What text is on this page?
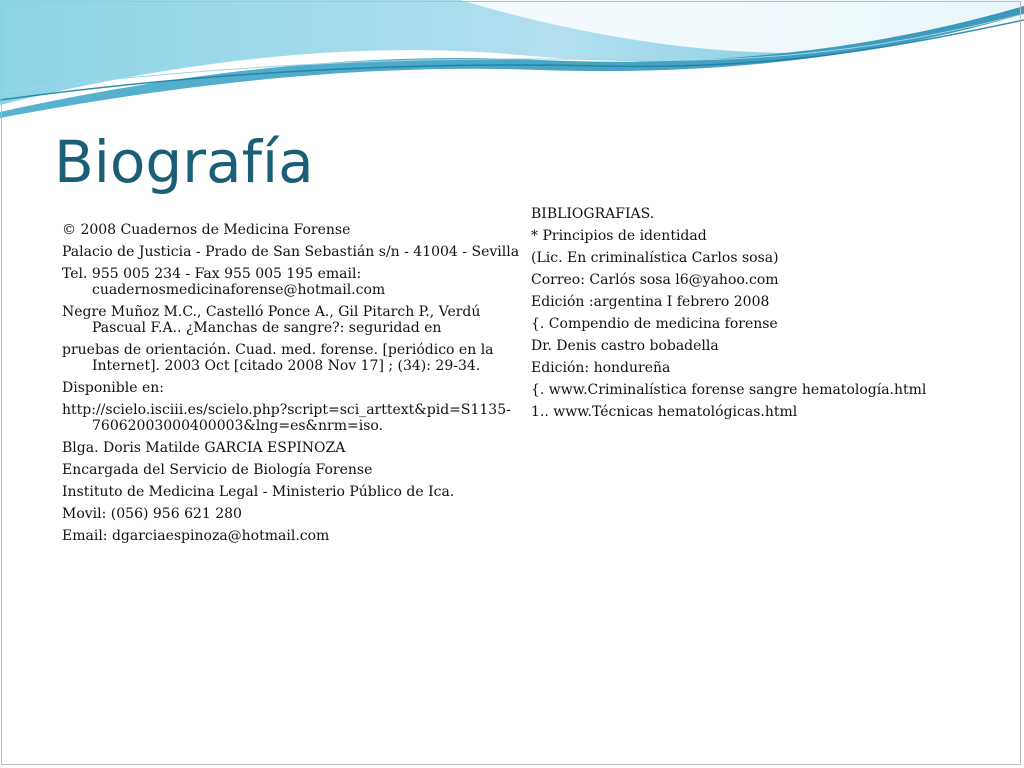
Biografía

© 2008 Cuadernos de Medicina Forense

Palacio de Justicia - Prado de San Sebastián s/n - 41004 - Sevilla

Tel. 955 005 234 - Fax 955 005 195 email: cuadernosmedicinaforense@hotmail.com

Negre Muñoz M.C., Castelló Ponce A., Gil Pitarch P., Verdú Pascual F.A.. ¿Manchas de sangre?: seguridad en

pruebas de orientación. Cuad. med. forense. [periódico en la Internet]. 2003 Oct [citado 2008 Nov 17] ; (34): 29-34.

Disponible en:

http://scielo.isciii.es/scielo.php?script=sci_arttext&pid=S1135-76062003000400003&lng=es&nrm=iso.

Blga. Doris Matilde GARCIA ESPINOZA

Encargada del Servicio de Biología Forense

Instituto de Medicina Legal - Ministerio Público de Ica.

Movil: (056) 956 621 280

Email: dgarciaespinoza@hotmail.com

BIBLIOGRAFIAS.

* Principios de identidad

(Lic. En criminalística Carlos sosa)

Correo: Carlós sosa l6@yahoo.com

Edición :argentina I febrero 2008

{. Compendio de medicina forense

Dr. Denis castro bobadella

Edición: hondureña

{. www.Criminalística forense sangre hematología.html

1.. www.Técnicas hematológicas.html
